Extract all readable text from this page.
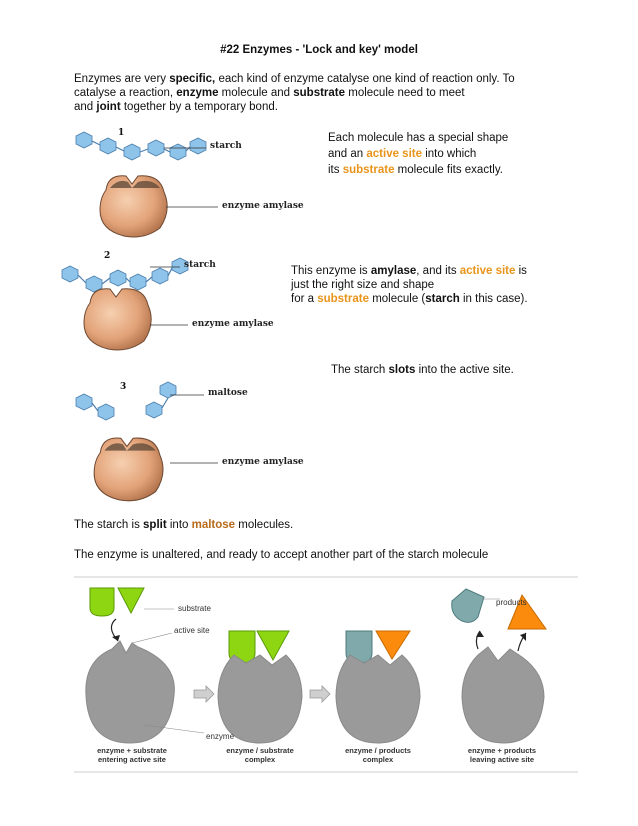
#22 Enzymes - 'Lock and key' model
Enzymes are very specific, each kind of enzyme catalyse one kind of reaction only. To
catalyse a reaction, enzyme molecule and substrate molecule need to meet
and joint together by a temporary bond.
1
starch
enzyme amylase
Each molecule has a special shape
and an active site into which
its substrate molecule fits exactly.
2
starch
enzyme amylase
This enzyme is amylase, and its active site is
just the right size and shape
for a substrate molecule (starch in this case).
The starch slots into the active site.
3
maltose
enzyme amylase
The starch is split into maltose molecules.
The enzyme is unaltered, and ready to accept another part of the starch molecule
substrate
active site
enzyme
products
enzyme + substrate
entering active site
enzyme / substrate
complex
enzyme / products
complex
enzyme + products
leaving active site
